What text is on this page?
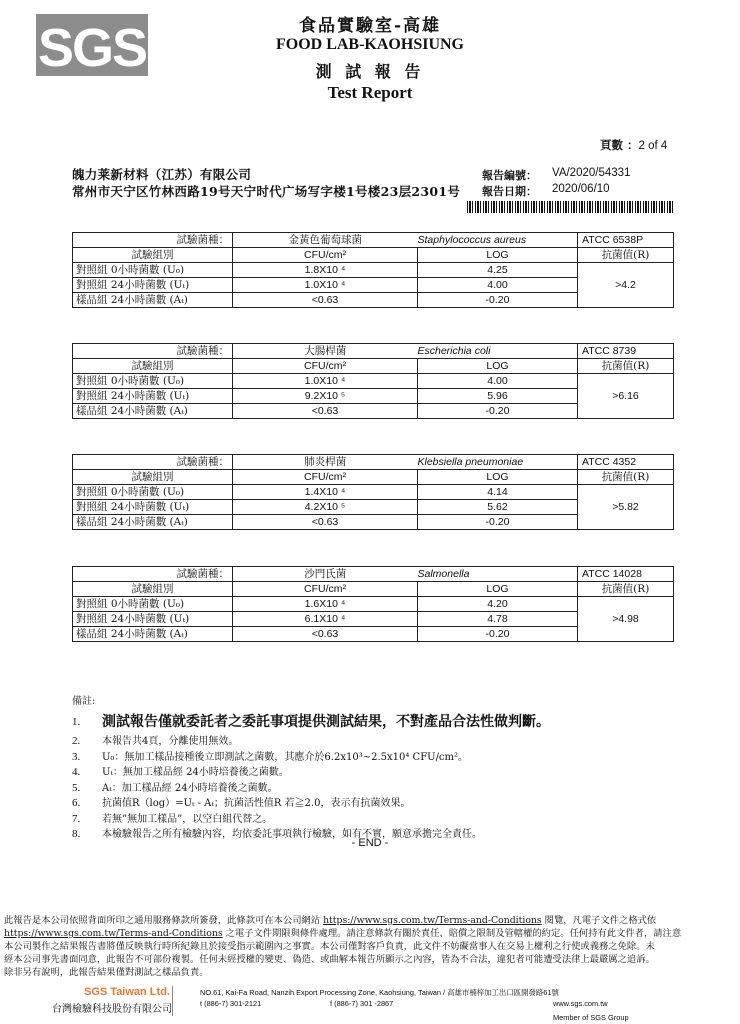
SGS	食品實驗室-高雄
FOOD LAB-KAOHSIUNG
測 試 報 告
Test Report
頁數 ：2 of 4
魄力莱新材料（江苏）有限公司
常州市天宁区竹林西路19号天宁时代广场写字楼1号楼23层2301号
報告編號： VA/2020/54331
報告日期： 2020/06/10
試驗菌種：	金黃色葡萄球菌	Staphylococcus aureus	ATCC 6538P
試驗組別	CFU/cm²	LOG	抗菌值(R)
對照組 0小時菌數 (U₀)	1.8X10 ⁴	4.25	>4.2
對照組 24小時菌數 (Uₜ)	1.0X10 ⁴	4.00	
樣品組 24小時菌數 (Aₜ)	<0.63	-0.20	
試驗菌種：	大腸桿菌	Escherichia coli	ATCC 8739
試驗組別	CFU/cm²	LOG	抗菌值(R)
對照組 0小時菌數 (U₀)	1.0X10 ⁴	4.00	>6.16
對照組 24小時菌數 (Uₜ)	9.2X10 ⁵	5.96	
樣品組 24小時菌數 (Aₜ)	<0.63	-0.20	
試驗菌種：	肺炎桿菌	Klebsiella pneumoniae	ATCC 4352
試驗組別	CFU/cm²	LOG	抗菌值(R)
對照組 0小時菌數 (U₀)	1.4X10 ⁴	4.14	>5.82
對照組 24小時菌數 (Uₜ)	4.2X10 ⁵	5.62	
樣品組 24小時菌數 (Aₜ)	<0.63	-0.20	
試驗菌種：	沙門氏菌	Salmonella	ATCC 14028
試驗組別	CFU/cm²	LOG	抗菌值(R)
對照組 0小時菌數 (U₀)	1.6X10 ⁴	4.20	>4.98
對照組 24小時菌數 (Uₜ)	6.1X10 ⁴	4.78	
樣品組 24小時菌數 (Aₜ)	<0.63	-0.20	
備註:
1.	測試報告僅就委託者之委託事項提供測試結果，不對產品合法性做判斷。
2.	本報告共4頁，分離使用無效。
3.	U₀：無加工樣品接種後立即測試之菌數，其應介於6.2x10³~2.5x10⁴ CFU/cm²。
4.	Uₜ：無加工樣品經 24小時培養後之菌數。
5.	Aₜ：加工樣品經 24小時培養後之菌數。
6.	抗菌值R（log）=Uₜ - Aₜ；抗菌活性值R 若≧2.0，表示有抗菌效果。
7.	若無”無加工樣品”，以空白組代替之。
8.	本檢驗報告之所有檢驗內容，均依委託事項執行檢驗，如有不實，願意承擔完全責任。
- END -
此報告是本公司依照背面所印之通用服務條款所簽發，此條款可在本公司網站 https://www.sgs.com.tw/Terms-and-Conditions 閱覽，凡電子文件之格式依
https://www.sgs.com.tw/Terms-and-Conditions 之電子文件期限與條件處理。請注意條款有關於責任、賠償之限制及管轄權的約定。任何持有此文件者，請注意
本公司製作之結果報告書將僅反映執行時所紀錄且於接受指示範圍內之事實。本公司僅對客戶負責，此文件不妨礙當事人在交易上權利之行使或義務之免除。未
經本公司事先書面同意，此報告不可部份複製。任何未經授權的變更、偽造、或曲解本報告所顯示之內容，皆為不合法，違犯者可能遭受法律上最嚴厲之追訴。
除非另有說明，此報告結果僅對測試之樣品負責。
SGS Taiwan Ltd.
台灣檢驗科技股份有限公司
NO.61, Kai-Fa Road, Nanzih Export Processing Zone, Kaohsiung, Taiwan / 高雄市楠梓加工出口區開發路61號
t (886-7) 301-2121	f (886-7) 301 -2867	www.sgs.com.tw
Member of SGS Group
